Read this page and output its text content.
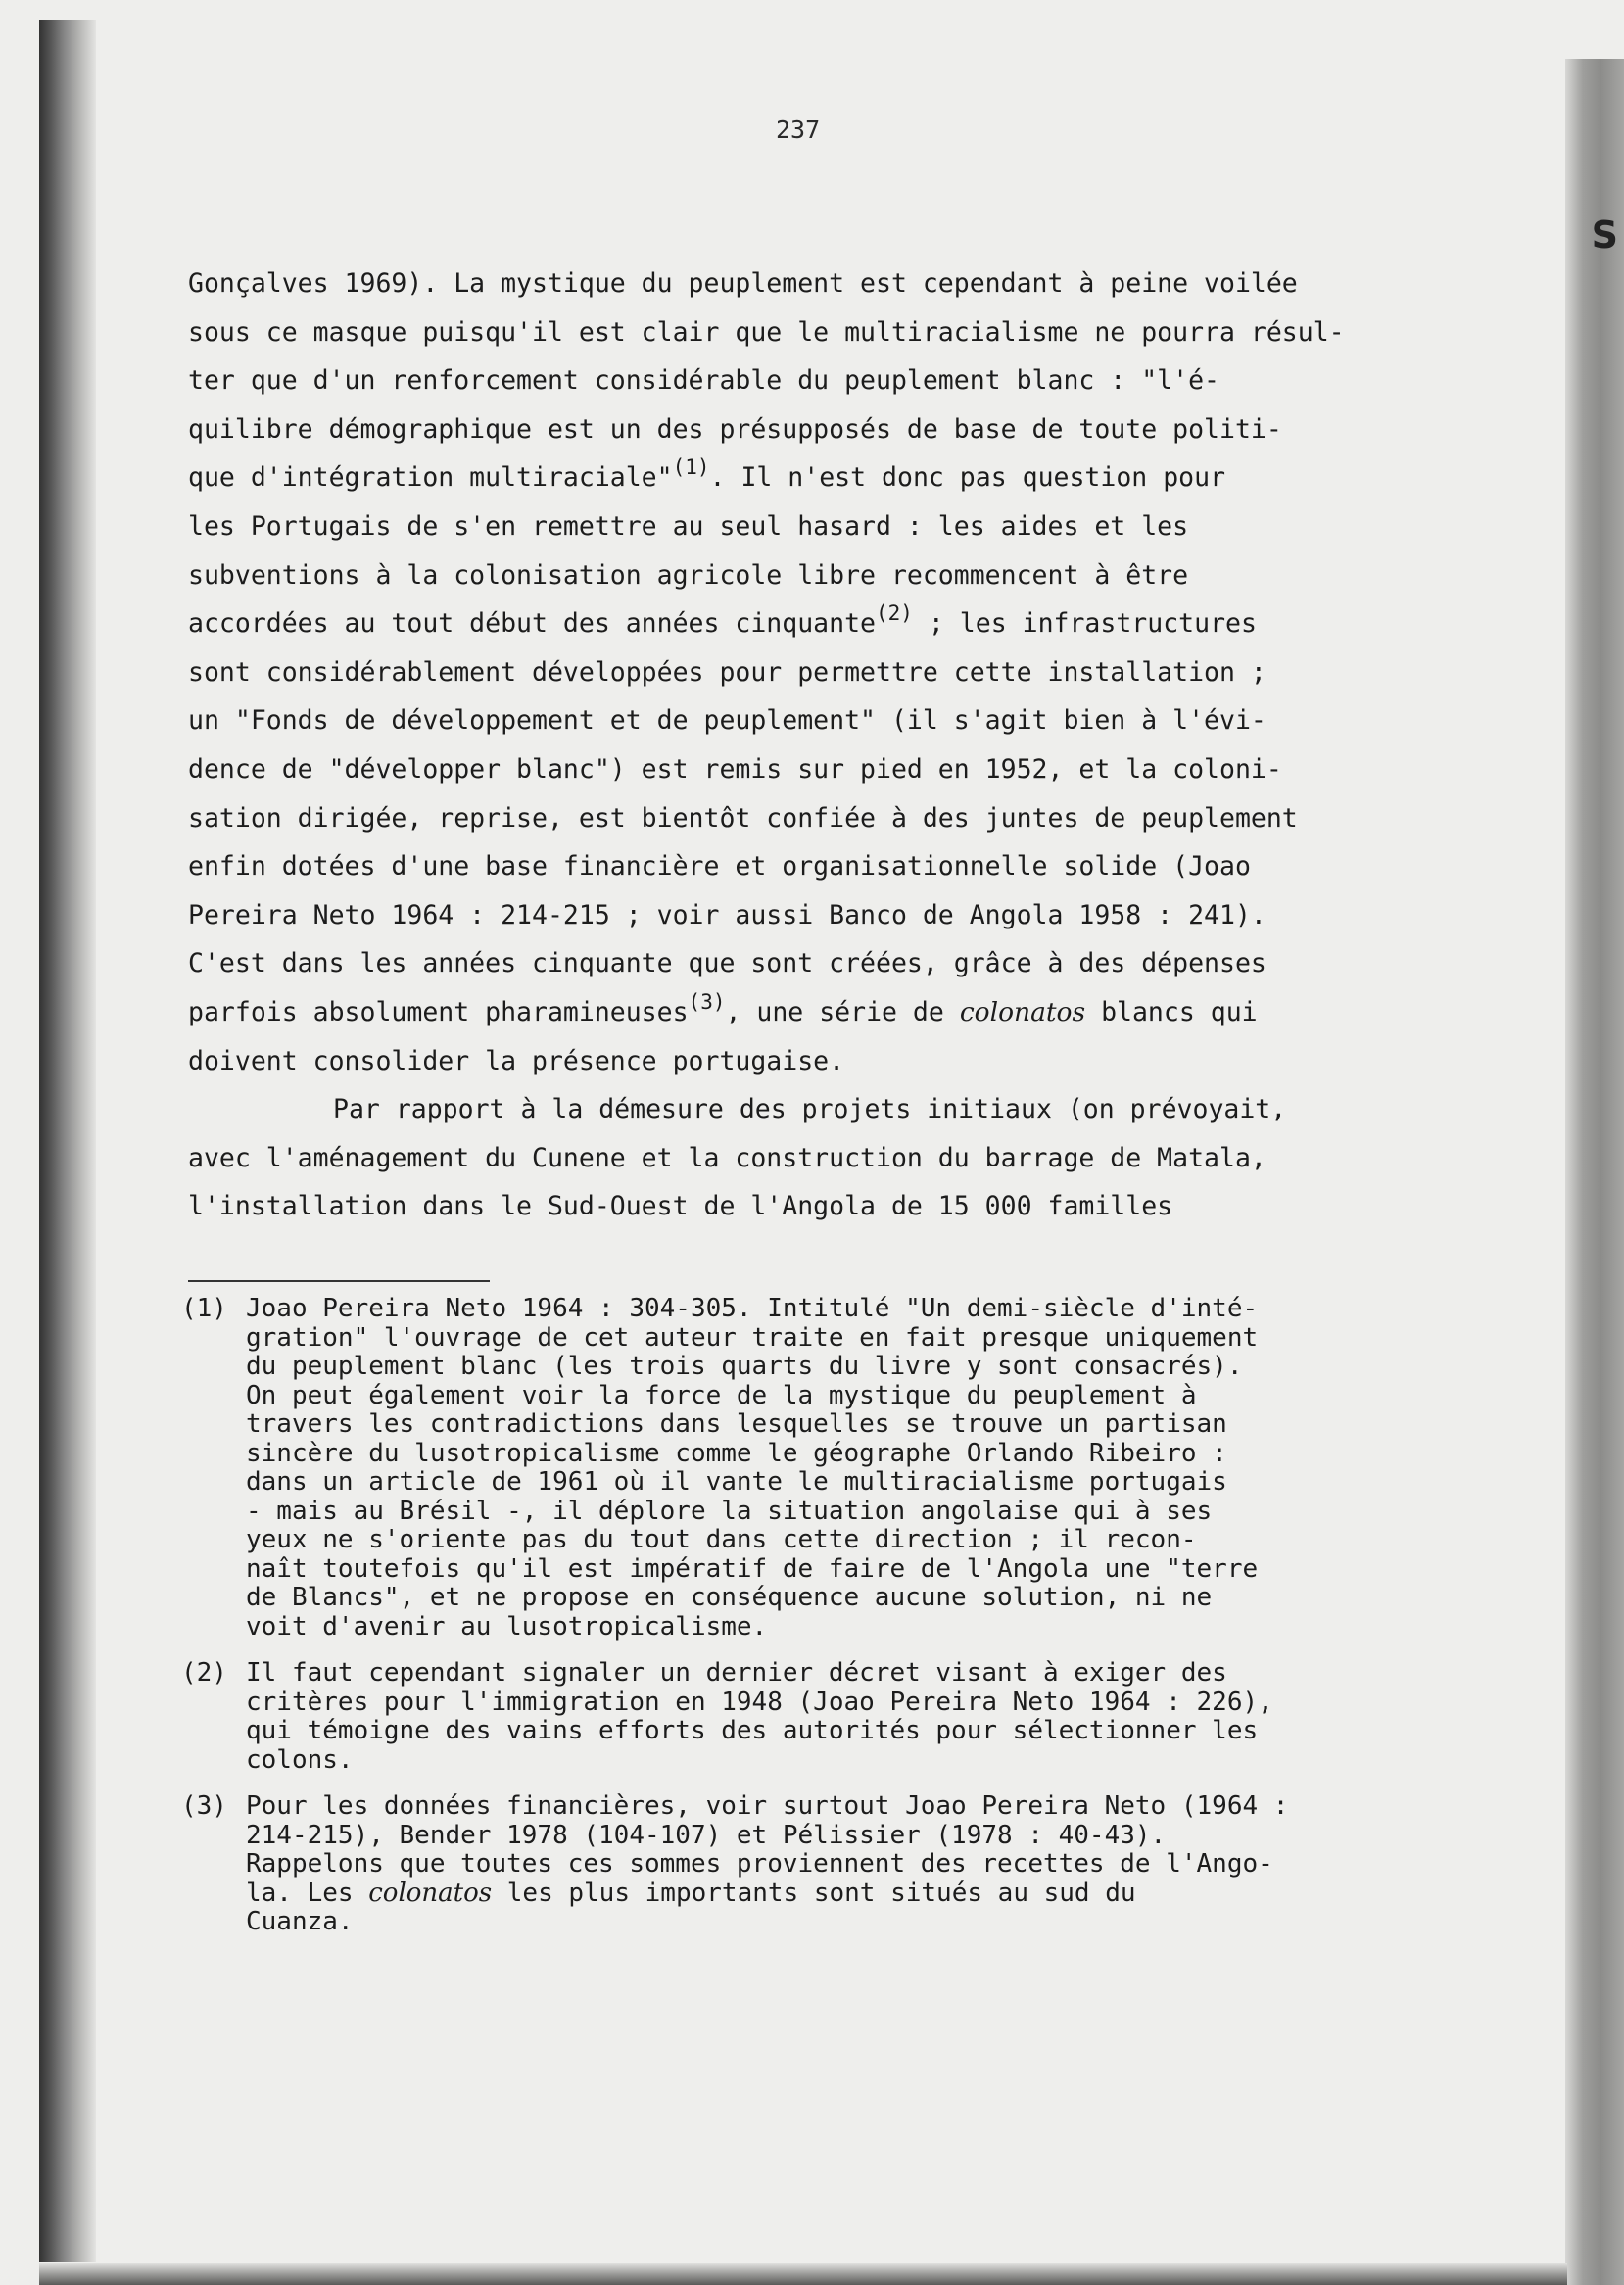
S
237
Gonçalves 1969). La mystique du peuplement est cependant à peine voilée
sous ce masque puisqu'il est clair que le multiracialisme ne pourra résul-
ter que d'un renforcement considérable du peuplement blanc : "l'é-
quilibre démographique est un des présupposés de base de toute politi-
que d'intégration multiraciale"$^{(1)}$. Il n'est donc pas question pour
les Portugais de s'en remettre au seul hasard : les aides et les
subventions à la colonisation agricole libre recommencent à être
accordées au tout début des années cinquante$^{(2)}$ ; les infrastructures
sont considérablement développées pour permettre cette installation ;
un "Fonds de développement et de peuplement" (il s'agit bien à l'évi-
dence de "développer blanc") est remis sur pied en 1952, et la coloni-
sation dirigée, reprise, est bientôt confiée à des juntes de peuplement
enfin dotées d'une base financière et organisationnelle solide (Joao
Pereira Neto 1964 : 214-215 ; voir aussi Banco de Angola 1958 : 241).
C'est dans les années cinquante que sont créées, grâce à des dépenses
parfois absolument pharamineuses$^{(3)}$, une série de colonatos blancs qui
doivent consolider la présence portugaise.
Par rapport à la démesure des projets initiaux (on prévoyait,
avec l'aménagement du Cunene et la construction du barrage de Matala,
l'installation dans le Sud-Ouest de l'Angola de 15 000 familles
(1) Joao Pereira Neto 1964 : 304-305. Intitulé "Un demi-siècle d'inté-
gration" l'ouvrage de cet auteur traite en fait presque uniquement
du peuplement blanc (les trois quarts du livre y sont consacrés).
On peut également voir la force de la mystique du peuplement à
travers les contradictions dans lesquelles se trouve un partisan
sincère du lusotropicalisme comme le géographe Orlando Ribeiro :
dans un article de 1961 où il vante le multiracialisme portugais
- mais au Brésil -, il déplore la situation angolaise qui à ses
yeux ne s'oriente pas du tout dans cette direction ; il recon-
naît toutefois qu'il est impératif de faire de l'Angola une "terre
de Blancs", et ne propose en conséquence aucune solution, ni ne
voit d'avenir au lusotropicalisme.
(2) Il faut cependant signaler un dernier décret visant à exiger des
critères pour l'immigration en 1948 (Joao Pereira Neto 1964 : 226),
qui témoigne des vains efforts des autorités pour sélectionner les
colons.
(3) Pour les données financières, voir surtout Joao Pereira Neto (1964 :
214-215), Bender 1978 (104-107) et Pélissier (1978 : 40-43).
Rappelons que toutes ces sommes proviennent des recettes de l'Ango-
la. Les colonatos les plus importants sont situés au sud du
Cuanza.
